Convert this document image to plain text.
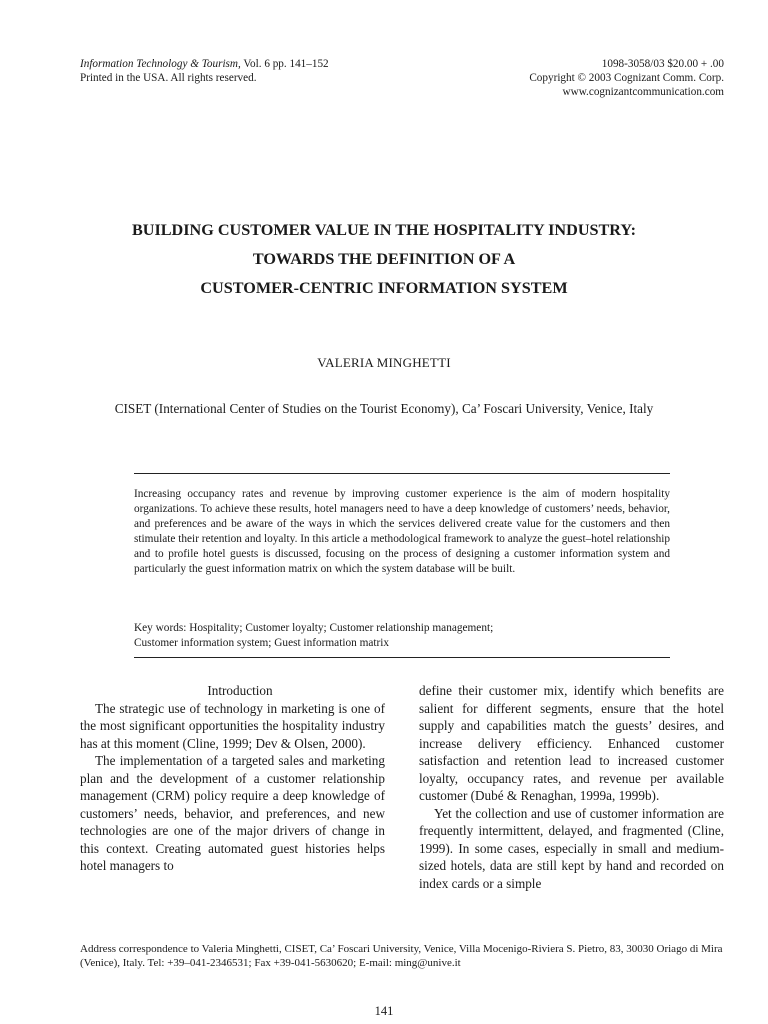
Information Technology & Tourism, Vol. 6 pp. 141–152
Printed in the USA. All rights reserved.
1098-3058/03 $20.00 + .00
Copyright © 2003 Cognizant Comm. Corp.
www.cognizantcommunication.com
BUILDING CUSTOMER VALUE IN THE HOSPITALITY INDUSTRY:
TOWARDS THE DEFINITION OF A
CUSTOMER-CENTRIC INFORMATION SYSTEM
VALERIA MINGHETTI
CISET (International Center of Studies on the Tourist Economy), Ca’ Foscari University, Venice, Italy
Increasing occupancy rates and revenue by improving customer experience is the aim of modern hospitality organizations. To achieve these results, hotel managers need to have a deep knowledge of customers’ needs, behavior, and preferences and be aware of the ways in which the services delivered create value for the customers and then stimulate their retention and loyalty. In this article a methodological framework to analyze the guest–hotel relationship and to profile hotel guests is discussed, focusing on the process of designing a customer information system and particularly the guest information matrix on which the system database will be built.
Key words: Hospitality; Customer loyalty; Customer relationship management;
Customer information system; Guest information matrix

Introduction

The strategic use of technology in marketing is one of the most significant opportunities the hospitality industry has at this moment (Cline, 1999; Dev & Olsen, 2000).

The implementation of a targeted sales and marketing plan and the development of a customer relationship management (CRM) policy require a deep knowledge of customers’ needs, behavior, and preferences, and new technologies are one of the major drivers of change in this context. Creating automated guest histories helps hotel managers to

define their customer mix, identify which benefits are salient for different segments, ensure that the hotel supply and capabilities match the guests’ desires, and increase delivery efficiency. Enhanced customer satisfaction and retention lead to increased customer loyalty, occupancy rates, and revenue per available customer (Dubé & Renaghan, 1999a, 1999b).

Yet the collection and use of customer information are frequently intermittent, delayed, and fragmented (Cline, 1999). In some cases, especially in small and medium-sized hotels, data are still kept by hand and recorded on index cards or a simple

Address correspondence to Valeria Minghetti, CISET, Ca’ Foscari University, Venice, Villa Mocenigo-Riviera S. Pietro, 83, 30030 Oriago di Mira (Venice), Italy. Tel: +39–041-2346531; Fax +39-041-5630620; E-mail: ming@unive.it
141
